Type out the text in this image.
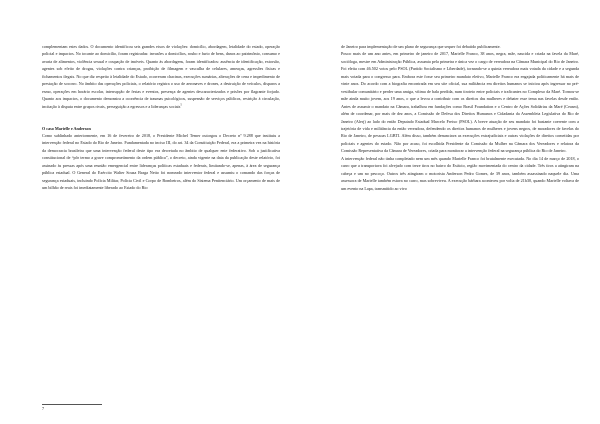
complementam estes dados. O documento identificou seis grandes eixos de violações: domicílio, abordagem, letalidade do estado, operação policial e impactos. No tocante ao domicílio, foram registradas: invasões a domicílios, roubo e furto de bens, danos ao patrimônio, consumo e avaria de alimentos, violência sexual e ocupação de imóveis. Quanto às abordagens, foram identificados: ausência de identificação, extorsão, agentes sob efeito de drogas, violações contra crianças, proibição de filmagem e vasculha de celulares, ameaças, agressões físicas e fichamentos ilegais. No que diz respeito à letalidade do Estado, ocorreram chacinas, execuções sumárias, alterações de cena e impedimento de prestação de socorro. No âmbito das operações policiais, o relatório registra o uso de aeronaves e drones, a destruição de veículos, disparos a esmo, operações em horário escolar, interrupção de festas e eventos, presença de agentes descaracterizados e prisões por flagrante forjado. Quanto aos impactos, o documento demonstra a ocorrência de traumas psicológicos, suspensão de serviços públicos, restrição à circulação, incitação à disputa entre grupos rivais, perseguição a egressos e a lideranças sociais$^5$

O caso Marielle e Anderson

Como sublinhado anteriormente, em 16 de fevereiro de 2018, o Presidente Michel Temer outorgou o Decreto nº 9.288 que instituiu a intervenção federal no Estado do Rio de Janeiro. Fundamentada no inciso III, do art. 34 da Constituição Federal, era a primeira vez na história da democracia brasileira que uma intervenção federal deste tipo era decretada no âmbito de qualquer ente federativo. Sob a justificativa constitucional de “pôr termo a grave comprometimento da ordem pública”, o decreto, ainda vigente na data da publicação deste relatório, foi assinado às pressas após uma reunião emergencial entre lideranças políticas estaduais e federais, limitando-se, apenas, à área de segurança pública estadual. O General do Exército Walter Souza Braga Netto foi nomeado interventor federal e assumiu o comando das forças de segurança estaduais, incluindo Polícia Militar, Polícia Civil e Corpo de Bombeiros, além do Sistema Penitenciário. Um orçamento de mais de um bilhão de reais foi imediatamente liberado ao Estado do Rio

de Janeiro para implementação de um plano de segurança que sequer foi debatido publicamente.

Pouco mais de um ano antes, em primeiro de janeiro de 2017, Marielle Franco, 38 anos, negra, mãe, nascida e criada na favela da Maré, socióloga, mestre em Administração Pública, assumia pela primeira e única vez o cargo de vereadora na Câmara Municipal do Rio de Janeiro. Foi eleita com 46.502 votos pelo PSOL (Partido Socialismo e Liberdade), tornando-se a quinta vereadora mais votada da cidade e a segunda mais votada para o congresso para. Embora este fosse seu primeiro mandato eletivo, Marielle Franco era engajada politicamente há mais de vinte anos. Do acordo com a biografia encontrada em seu site oficial, sua militância em direitos humanos se iniciou após ingressar no pré-vestibular comunitário e perder uma amiga, vítima de bala perdida, num tiroteio entre policiais e traficantes no Complexo da Maré. Tornou-se mãe ainda muito jovem, aos 19 anos, o que a levou a contribuir com os direitos das mulheres e debater esse tema nas favelas desde então. Antes de assumir o mandato na Câmara, trabalhou em fundações como Brasil Foundation e o Centro de Ações Solidárias da Maré (Ceasm), além de coordenar, por mais de dez anos, a Comissão de Defesa dos Direitos Humanos e Cidadania da Assembleia Legislativa do Rio de Janeiro (Alerj) ao lado do então Deputado Estadual Marcelo Freixo (PSOL). A breve atuação de seu mandato foi bastante coerente com a trajetória de vida e militância da então vereadora, defendendo os direitos humanos de mulheres e jovens negros, de moradores de favelas do Rio de Janeiro, de pessoas LGBTI. Além disso, também denunciava as execuções extrajudiciais e outras violações de direitos cometidas por policiais e agentes do estado. Não por acaso, foi escolhida Presidente da Comissão da Mulher na Câmara dos Vereadores e relatora da Comissão Representativa da Câmara de Vereadores, criada para monitorar a intervenção federal na segurança pública do Rio de Janeiro.

A intervenção federal não tinha completado nem um mês quando Marielle Franco foi brutalmente executada. No dia 14 de março de 2018, o carro que a transportava foi alvejado com treze tiros no bairro do Estácio, região movimentada do centro da cidade. Três tiros a atingiram na cabeça e um no pescoço. Outros três atingiram o motorista Anderson Pedro Gomes, de 39 anos, também assassinado naquele dia. Uma assessora de Marielle também estava no carro, mas sobreviveu. A execução bárbara aconteceu por volta de 21h30, quando Marielle voltava de um evento na Lapa, transmitido ao vivo

7
